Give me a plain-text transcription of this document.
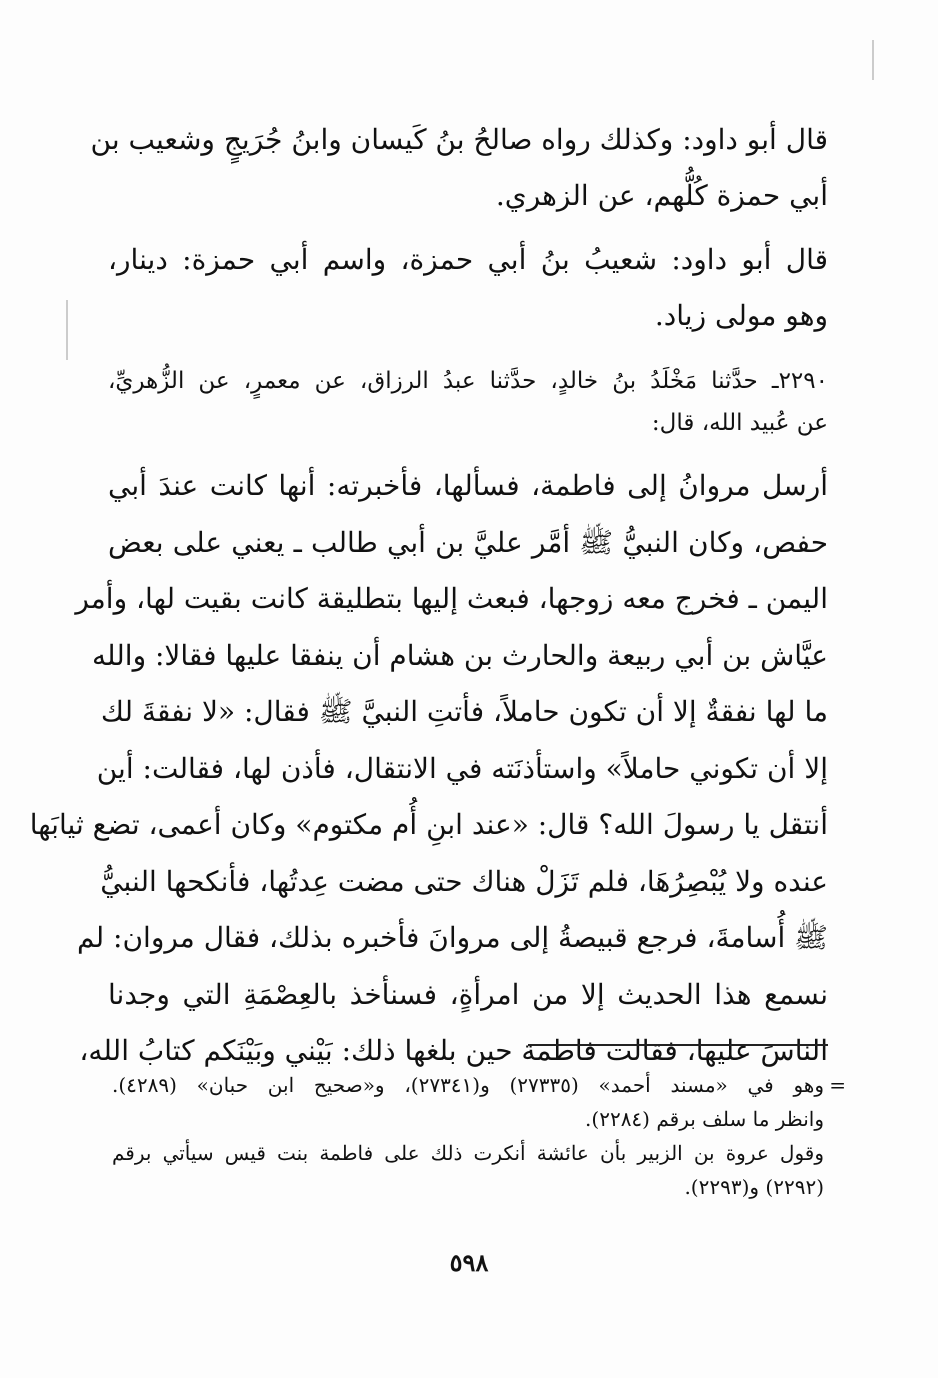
قال أبو داود: وكذلك رواه صالحُ بنُ كَيسان وابنُ جُرَيجٍ وشعيب بن
أبي حمزة كُلُّهم، عن الزهري.
قال أبو داود: شعيبُ بنُ أبي حمزة، واسم أبي حمزة: دينار،
وهو مولى زياد.
٢٢٩٠ـ حدَّثنا مَخْلَدُ بنُ خالدٍ، حدَّثنا عبدُ الرزاق، عن معمرٍ، عن الزُّهريِّ،
عن عُبيد الله، قال:
أرسل مروانُ إلى فاطمة، فسألها، فأخبرته: أنها كانت عندَ أبي
حفص، وكان النبيُّ ﷺ أمَّر عليَّ بن أبي طالب ـ يعني على بعض
اليمن ـ فخرج معه زوجها، فبعث إليها بتطليقة كانت بقيت لها، وأمر
عيَّاش بن أبي ربيعة والحارث بن هشام أن ينفقا عليها فقالا: والله
ما لها نفقةٌ إلا أن تكون حاملاً، فأتتِ النبيَّ ﷺ فقال: «لا نفقةَ لك
إلا أن تكوني حاملاً» واستأذنَته في الانتقال، فأذن لها، فقالت: أين
أنتقل يا رسولَ الله؟ قال: «عند ابنِ أُم مكتوم» وكان أعمى، تضع ثيابَها
عنده ولا يُبْصِرُهَا، فلم تَزَلْ هناك حتى مضت عِدتُها، فأنكحها النبيُّ
ﷺ أُسامةَ، فرجع قبيصةُ إلى مروانَ فأخبره بذلك، فقال مروان: لم
نسمع هذا الحديث إلا من امرأةٍ، فسنأخذ بالعِصْمَةِ التي وجدنا
الناسَ عليها، فقالت فاطمة حين بلغها ذلك: بَيْني وبَيْنَكم كتابُ الله،
=
وهو في «مسند أحمد» (٢٧٣٣٥) و(٢٧٣٤١)، و«صحيح ابن حبان» (٤٢٨٩).
وانظر ما سلف برقم (٢٢٨٤).
وقول عروة بن الزبير بأن عائشة أنكرت ذلك على فاطمة بنت قيس سيأتي برقم
(٢٢٩٢) و(٢٢٩٣).
٥٩٨
